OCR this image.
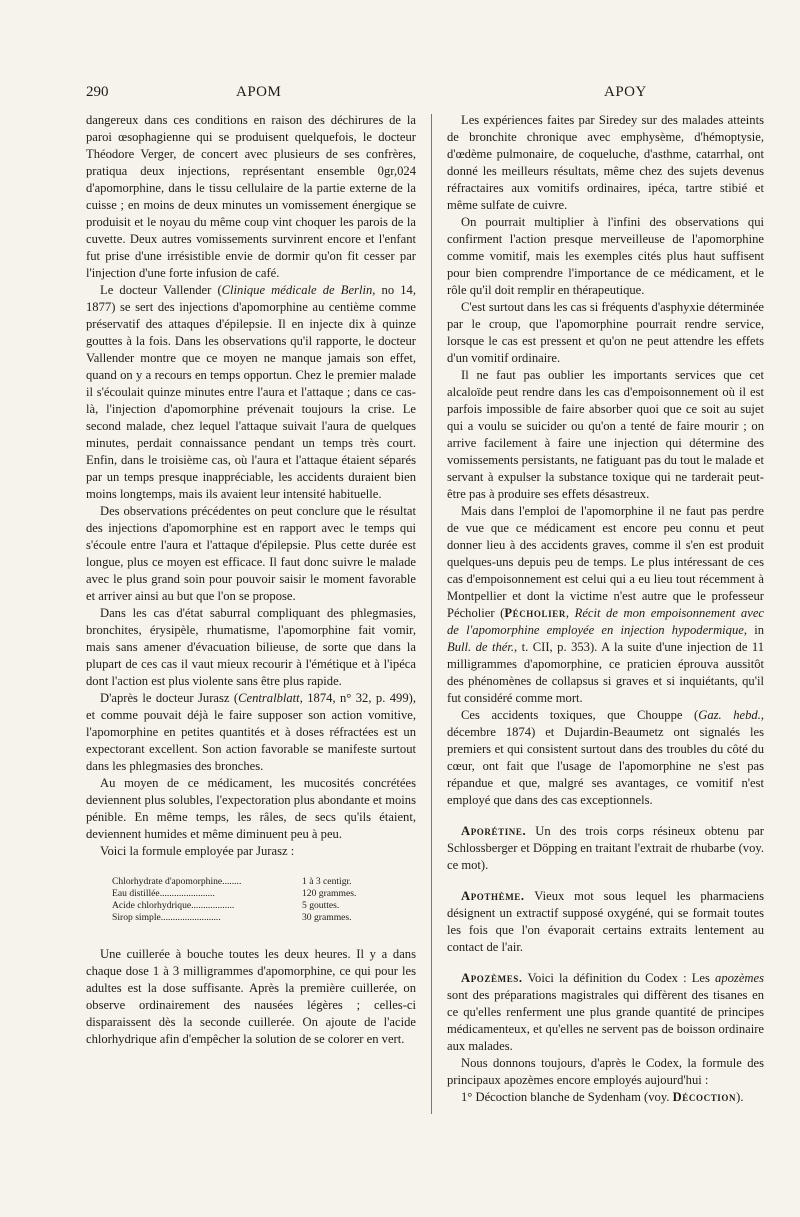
290	APOM	APOY

dangereux dans ces conditions en raison des déchirures de la paroi œsophagienne qui se produisent quelquefois, le docteur Théodore Verger, de concert avec plusieurs de ses confrères, pratiqua deux injections, représentant ensemble 0gr,024 d'apomorphine, dans le tissu cellulaire de la partie externe de la cuisse ; en moins de deux minutes un vomissement énergique se produisit et le noyau du même coup vint choquer les parois de la cuvette. Deux autres vomissements survinrent encore et l'enfant fut prise d'une irrésistible envie de dormir qu'on fit cesser par l'injection d'une forte infusion de café.

Le docteur Vallender (Clinique médicale de Berlin, no 14, 1877) se sert des injections d'apomorphine au centième comme préservatif des attaques d'épilepsie. Il en injecte dix à quinze gouttes à la fois. Dans les observations qu'il rapporte, le docteur Vallender montre que ce moyen ne manque jamais son effet, quand on y a recours en temps opportun. Chez le premier malade il s'écoulait quinze minutes entre l'aura et l'attaque ; dans ce cas-là, l'injection d'apomorphine prévenait toujours la crise. Le second malade, chez lequel l'attaque suivait l'aura de quelques minutes, perdait connaissance pendant un temps très court. Enfin, dans le troisième cas, où l'aura et l'attaque étaient séparés par un temps presque inappréciable, les accidents duraient bien moins longtemps, mais ils avaient leur intensité habituelle.

Des observations précédentes on peut conclure que le résultat des injections d'apomorphine est en rapport avec le temps qui s'écoule entre l'aura et l'attaque d'épilepsie. Plus cette durée est longue, plus ce moyen est efficace. Il faut donc suivre le malade avec le plus grand soin pour pouvoir saisir le moment favorable et arriver ainsi au but que l'on se propose.

Dans les cas d'état saburral compliquant des phlegmasies, bronchites, érysipèle, rhumatisme, l'apomorphine fait vomir, mais sans amener d'évacuation bilieuse, de sorte que dans la plupart de ces cas il vaut mieux recourir à l'émétique et à l'ipéca dont l'action est plus violente sans être plus rapide.

D'après le docteur Jurasz (Centralblatt, 1874, n° 32, p. 499), et comme pouvait déjà le faire supposer son action vomitive, l'apomorphine en petites quantités et à doses réfractées est un expectorant excellent. Son action favorable se manifeste surtout dans les phlegmasies des bronches.

Au moyen de ce médicament, les mucosités concrétées deviennent plus solubles, l'expectoration plus abondante et moins pénible. En même temps, les râles, de secs qu'ils étaient, deviennent humides et même diminuent peu à peu.

Voici la formule employée par Jurasz :

Chlorhydrate d'apomorphine........	1 à 3 centigr.
Eau distillée.......................	120 grammes.
Acide chlorhydrique..................	5 gouttes.
Sirop simple.........................	30 grammes.

Une cuillerée à bouche toutes les deux heures. Il y a dans chaque dose 1 à 3 milligrammes d'apomorphine, ce qui pour les adultes est la dose suffisante. Après la première cuillerée, on observe ordinairement des nausées légères ; celles-ci disparaissent dès la seconde cuillerée. On ajoute de l'acide chlorhydrique afin d'empêcher la solution de se colorer en vert.

Les expériences faites par Siredey sur des malades atteints de bronchite chronique avec emphysème, d'hémoptysie, d'œdème pulmonaire, de coqueluche, d'asthme, catarrhal, ont donné les meilleurs résultats, même chez des sujets devenus réfractaires aux vomitifs ordinaires, ipéca, tartre stibié et même sulfate de cuivre.

On pourrait multiplier à l'infini des observations qui confirment l'action presque merveilleuse de l'apomorphine comme vomitif, mais les exemples cités plus haut suffisent pour bien comprendre l'importance de ce médicament, et le rôle qu'il doit remplir en thérapeutique.

C'est surtout dans les cas si fréquents d'asphyxie déterminée par le croup, que l'apomorphine pourrait rendre service, lorsque le cas est pressent et qu'on ne peut attendre les effets d'un vomitif ordinaire.

Il ne faut pas oublier les importants services que cet alcaloïde peut rendre dans les cas d'empoisonnement où il est parfois impossible de faire absorber quoi que ce soit au sujet qui a voulu se suicider ou qu'on a tenté de faire mourir ; on arrive facilement à faire une injection qui détermine des vomissements persistants, ne fatiguant pas du tout le malade et servant à expulser la substance toxique qui ne tarderait peut-être pas à produire ses effets désastreux.

Mais dans l'emploi de l'apomorphine il ne faut pas perdre de vue que ce médicament est encore peu connu et peut donner lieu à des accidents graves, comme il s'en est produit quelques-uns depuis peu de temps. Le plus intéressant de ces cas d'empoisonnement est celui qui a eu lieu tout récemment à Montpellier et dont la victime n'est autre que le professeur Pécholier (Pécholier, Récit de mon empoisonnement avec de l'apomorphine employée en injection hypodermique, in Bull. de thér., t. CII, p. 353). A la suite d'une injection de 11 milligrammes d'apomorphine, ce praticien éprouva aussitôt des phénomènes de collapsus si graves et si inquiétants, qu'il fut considéré comme mort.

Ces accidents toxiques, que Chouppe (Gaz. hebd., décembre 1874) et Dujardin-Beaumetz ont signalés les premiers et qui consistent surtout dans des troubles du côté du cœur, ont fait que l'usage de l'apomorphine ne s'est pas répandue et que, malgré ses avantages, ce vomitif n'est employé que dans des cas exceptionnels.

Aporétine. Un des trois corps résineux obtenu par Schlossberger et Döpping en traitant l'extrait de rhubarbe (voy. ce mot).

Apothème. Vieux mot sous lequel les pharmaciens désignent un extractif supposé oxygéné, qui se formait toutes les fois que l'on évaporait certains extraits lentement au contact de l'air.

Apozèmes. Voici la définition du Codex : Les apozèmes sont des préparations magistrales qui diffèrent des tisanes en ce qu'elles renferment une plus grande quantité de principes médicamenteux, et qu'elles ne servent pas de boisson ordinaire aux malades.

Nous donnons toujours, d'après le Codex, la formule des principaux apozèmes encore employés aujourd'hui :

1° Décoction blanche de Sydenham (voy. Décoction).
